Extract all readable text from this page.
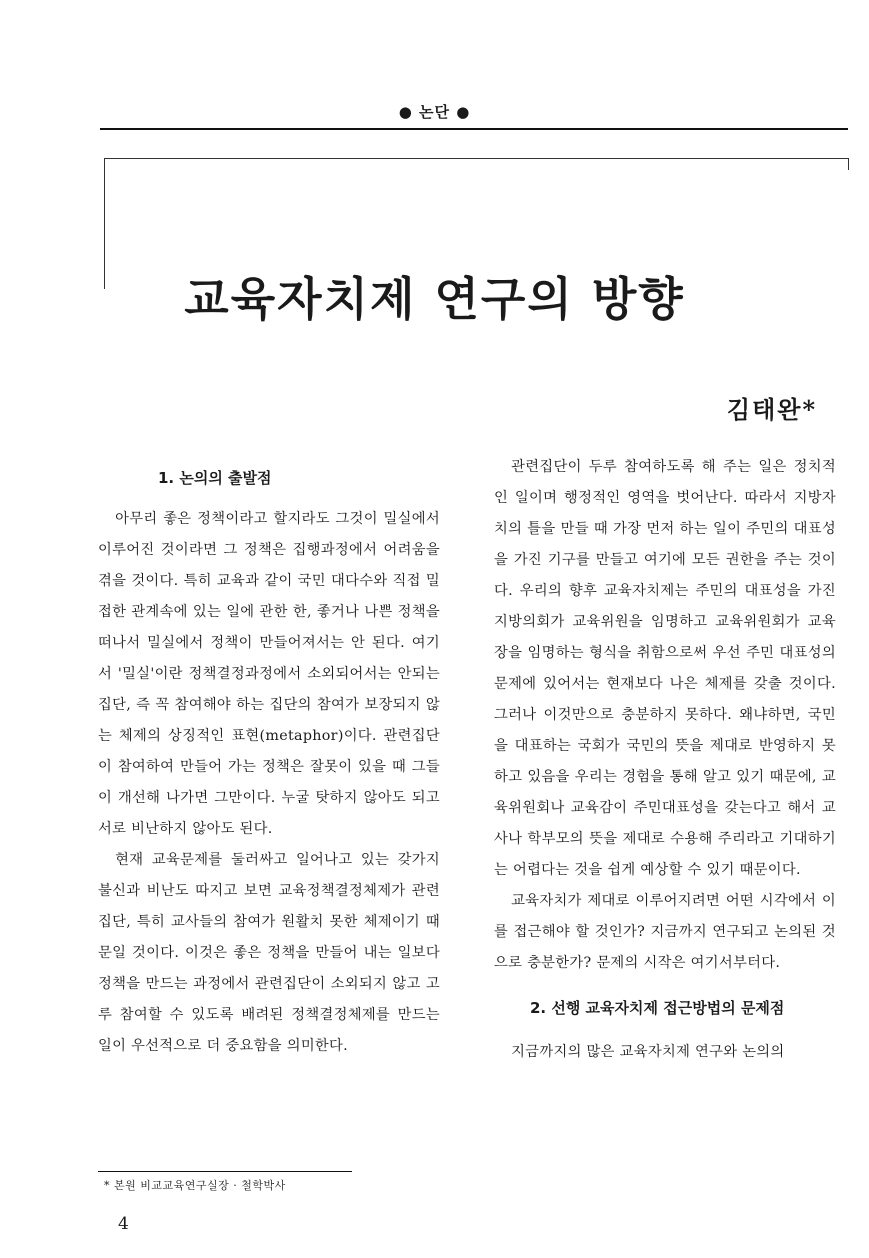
● 논단 ●
교육자치제 연구의 방향
김태완*
1. 논의의 출발점

아무리 좋은 정책이라고 할지라도 그것이 밀실에서 이루어진 것이라면 그 정책은 집행과정에서 어려움을 겪을 것이다. 특히 교육과 같이 국민 대다수와 직접 밀접한 관계속에 있는 일에 관한 한, 좋거나 나쁜 정책을 떠나서 밀실에서 정책이 만들어져서는 안 된다. 여기서 '밀실'이란 정책결정과정에서 소외되어서는 안되는 집단, 즉 꼭 참여해야 하는 집단의 참여가 보장되지 않는 체제의 상징적인 표현(metaphor)이다. 관련집단이 참여하여 만들어 가는 정책은 잘못이 있을 때 그들이 개선해 나가면 그만이다. 누굴 탓하지 않아도 되고 서로 비난하지 않아도 된다.

현재 교육문제를 둘러싸고 일어나고 있는 갖가지 불신과 비난도 따지고 보면 교육정책결정체제가 관련집단, 특히 교사들의 참여가 원활치 못한 체제이기 때문일 것이다. 이것은 좋은 정책을 만들어 내는 일보다 정책을 만드는 과정에서 관련집단이 소외되지 않고 고루 참여할 수 있도록 배려된 정책결정체제를 만드는 일이 우선적으로 더 중요함을 의미한다.

관련집단이 두루 참여하도록 해 주는 일은 정치적인 일이며 행정적인 영역을 벗어난다. 따라서 지방자치의 틀을 만들 때 가장 먼저 하는 일이 주민의 대표성을 가진 기구를 만들고 여기에 모든 권한을 주는 것이다. 우리의 향후 교육자치제는 주민의 대표성을 가진 지방의회가 교육위원을 임명하고 교육위원회가 교육장을 임명하는 형식을 취함으로써 우선 주민 대표성의 문제에 있어서는 현재보다 나은 체제를 갖출 것이다. 그러나 이것만으로 충분하지 못하다. 왜냐하면, 국민을 대표하는 국회가 국민의 뜻을 제대로 반영하지 못하고 있음을 우리는 경험을 통해 알고 있기 때문에, 교육위원회나 교육감이 주민대표성을 갖는다고 해서 교사나 학부모의 뜻을 제대로 수용해 주리라고 기대하기는 어렵다는 것을 쉽게 예상할 수 있기 때문이다.

교육자치가 제대로 이루어지려면 어떤 시각에서 이를 접근해야 할 것인가? 지금까지 연구되고 논의된 것으로 충분한가? 문제의 시작은 여기서부터다.

2. 선행 교육자치제 접근방법의 문제점

지금까지의 많은 교육자치제 연구와 논의의

* 본원 비교교육연구실장 · 철학박사
4
